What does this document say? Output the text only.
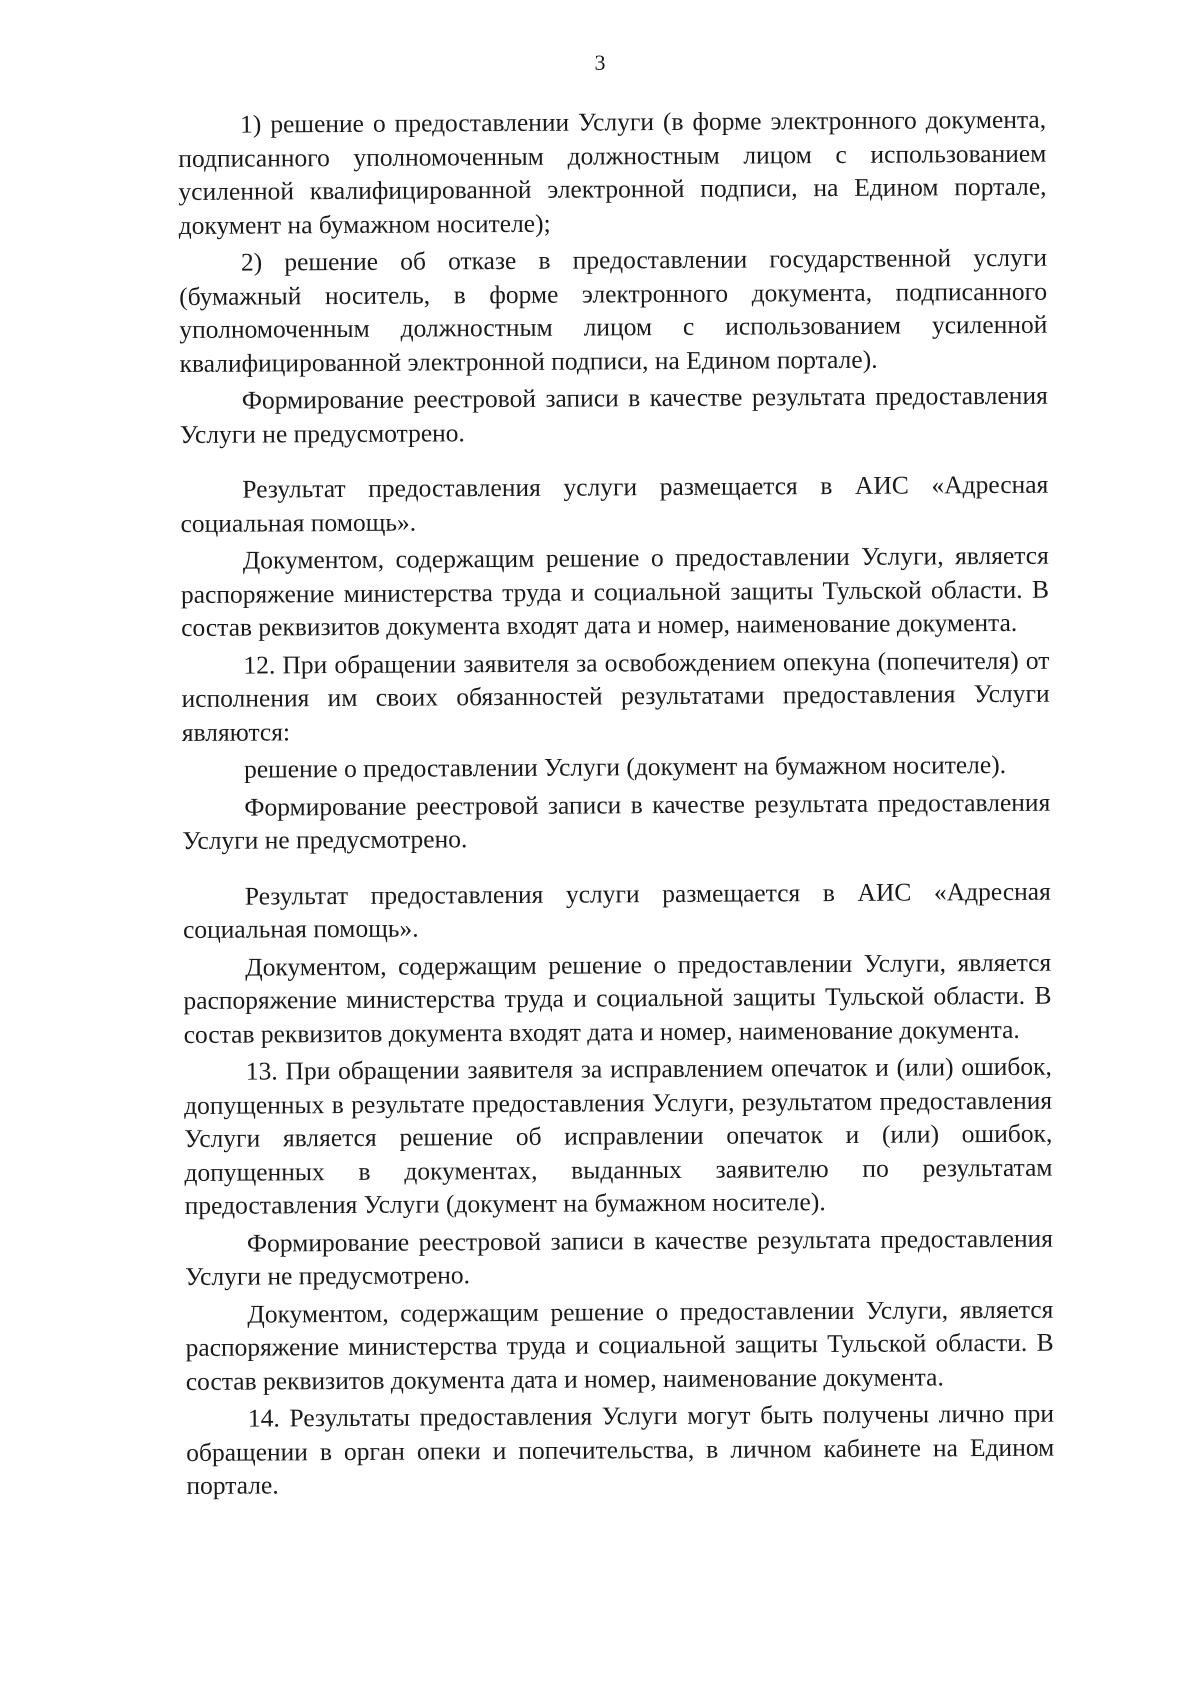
3

1) решение о предоставлении Услуги (в форме электронного документа, подписанного уполномоченным должностным лицом с использованием усиленной квалифицированной электронной подписи, на Едином портале, документ на бумажном носителе);

2) решение об отказе в предоставлении государственной услуги (бумажный носитель, в форме электронного документа, подписанного уполномоченным должностным лицом с использованием усиленной квалифицированной электронной подписи, на Едином портале).

Формирование реестровой записи в качестве результата предоставления Услуги не предусмотрено.

Результат предоставления услуги размещается в АИС «Адресная социальная помощь».

Документом, содержащим решение о предоставлении Услуги, является распоряжение министерства труда и социальной защиты Тульской области. В состав реквизитов документа входят дата и номер, наименование документа.

12. При обращении заявителя за освобождением опекуна (попечителя) от исполнения им своих обязанностей результатами предоставления Услуги являются:

решение о предоставлении Услуги (документ на бумажном носителе).

Формирование реестровой записи в качестве результата предоставления Услуги не предусмотрено.

Результат предоставления услуги размещается в АИС «Адресная социальная помощь».

Документом, содержащим решение о предоставлении Услуги, является распоряжение министерства труда и социальной защиты Тульской области. В состав реквизитов документа входят дата и номер, наименование документа.

13. При обращении заявителя за исправлением опечаток и (или) ошибок, допущенных в результате предоставления Услуги, результатом предоставления Услуги является решение об исправлении опечаток и (или) ошибок, допущенных в документах, выданных заявителю по результатам предоставления Услуги (документ на бумажном носителе).

Формирование реестровой записи в качестве результата предоставления Услуги не предусмотрено.

Документом, содержащим решение о предоставлении Услуги, является распоряжение министерства труда и социальной защиты Тульской области. В состав реквизитов документа дата и номер, наименование документа.

14. Результаты предоставления Услуги могут быть получены лично при обращении в орган опеки и попечительства, в личном кабинете на Едином портале.
